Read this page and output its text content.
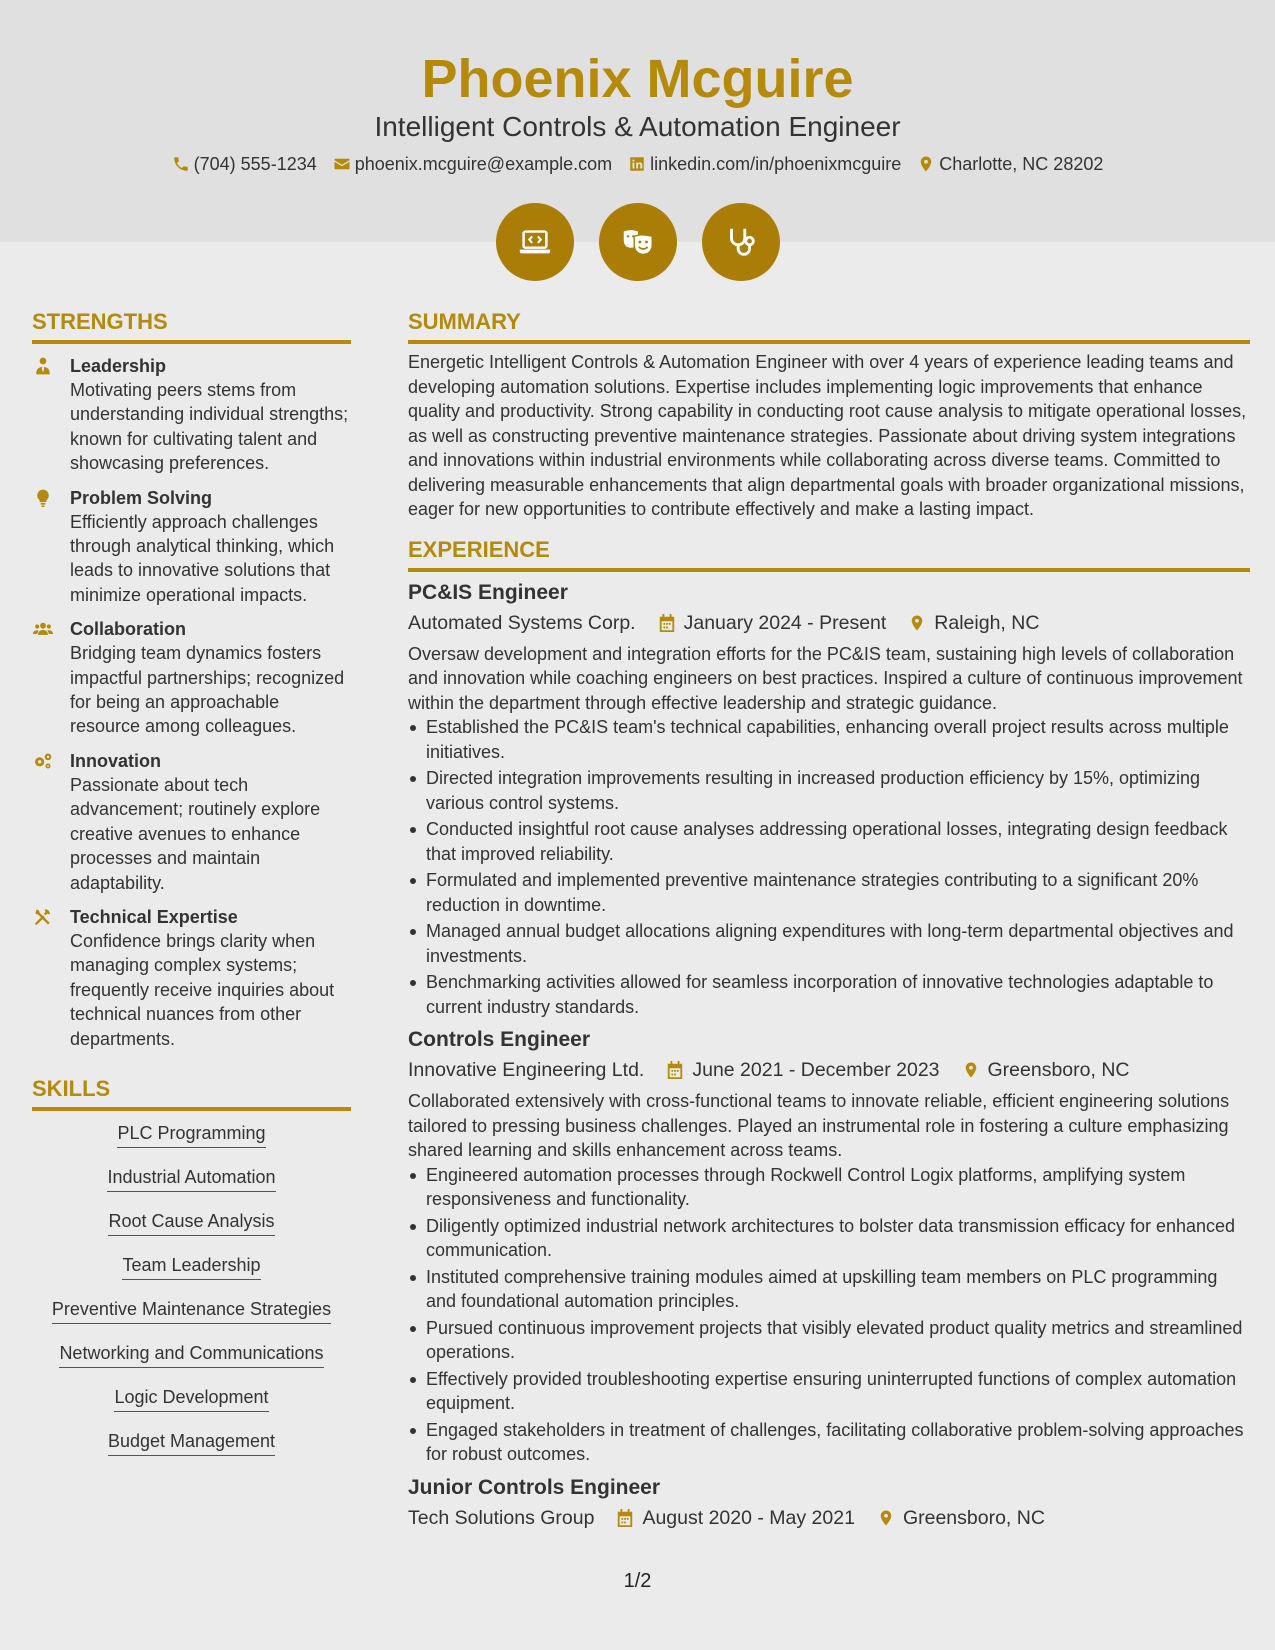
Phoenix Mcguire
Intelligent Controls & Automation Engineer
(704) 555-1234 phoenix.mcguire@example.com linkedin.com/in/phoenixmcguire Charlotte, NC 28202
STRENGTHS
Leadership
Motivating peers stems from understanding individual strengths; known for cultivating talent and showcasing preferences.
Problem Solving
Efficiently approach challenges through analytical thinking, which leads to innovative solutions that minimize operational impacts.
Collaboration
Bridging team dynamics fosters impactful partnerships; recognized for being an approachable resource among colleagues.
Innovation
Passionate about tech advancement; routinely explore creative avenues to enhance processes and maintain adaptability.
Technical Expertise
Confidence brings clarity when managing complex systems; frequently receive inquiries about technical nuances from other departments.
SKILLS
PLC Programming
Industrial Automation
Root Cause Analysis
Team Leadership
Preventive Maintenance Strategies
Networking and Communications
Logic Development
Budget Management
SUMMARY
Energetic Intelligent Controls & Automation Engineer with over 4 years of experience leading teams and developing automation solutions. Expertise includes implementing logic improvements that enhance quality and productivity. Strong capability in conducting root cause analysis to mitigate operational losses, as well as constructing preventive maintenance strategies. Passionate about driving system integrations and innovations within industrial environments while collaborating across diverse teams. Committed to delivering measurable enhancements that align departmental goals with broader organizational missions, eager for new opportunities to contribute effectively and make a lasting impact.
EXPERIENCE
PC&IS Engineer
Automated Systems Corp. January 2024 - Present Raleigh, NC
Oversaw development and integration efforts for the PC&IS team, sustaining high levels of collaboration and innovation while coaching engineers on best practices. Inspired a culture of continuous improvement within the department through effective leadership and strategic guidance.
Established the PC&IS team's technical capabilities, enhancing overall project results across multiple initiatives.
Directed integration improvements resulting in increased production efficiency by 15%, optimizing various control systems.
Conducted insightful root cause analyses addressing operational losses, integrating design feedback that improved reliability.
Formulated and implemented preventive maintenance strategies contributing to a significant 20% reduction in downtime.
Managed annual budget allocations aligning expenditures with long-term departmental objectives and investments.
Benchmarking activities allowed for seamless incorporation of innovative technologies adaptable to current industry standards.
Controls Engineer
Innovative Engineering Ltd. June 2021 - December 2023 Greensboro, NC
Collaborated extensively with cross-functional teams to innovate reliable, efficient engineering solutions tailored to pressing business challenges. Played an instrumental role in fostering a culture emphasizing shared learning and skills enhancement across teams.
Engineered automation processes through Rockwell Control Logix platforms, amplifying system responsiveness and functionality.
Diligently optimized industrial network architectures to bolster data transmission efficacy for enhanced communication.
Instituted comprehensive training modules aimed at upskilling team members on PLC programming and foundational automation principles.
Pursued continuous improvement projects that visibly elevated product quality metrics and streamlined operations.
Effectively provided troubleshooting expertise ensuring uninterrupted functions of complex automation equipment.
Engaged stakeholders in treatment of challenges, facilitating collaborative problem-solving approaches for robust outcomes.
Junior Controls Engineer
Tech Solutions Group August 2020 - May 2021 Greensboro, NC
1/2
